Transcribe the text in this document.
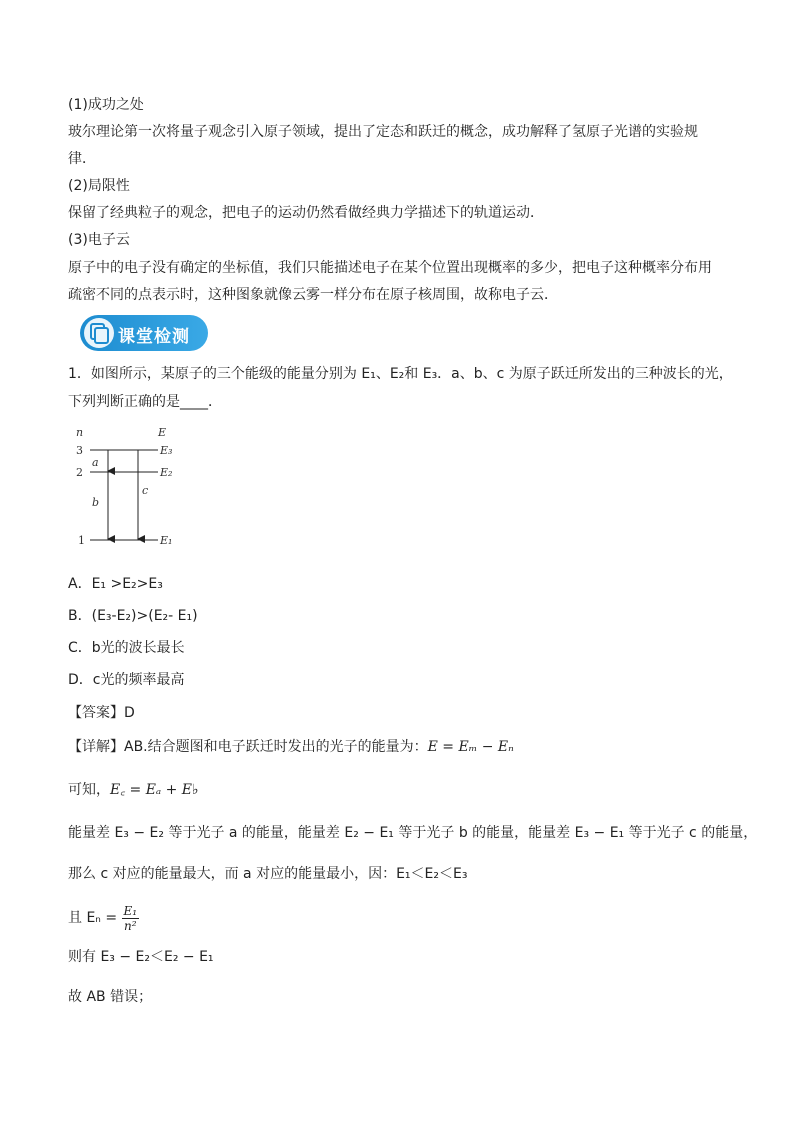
(1)成功之处
玻尔理论第一次将量子观念引入原子领域，提出了定态和跃迁的概念，成功解释了氢原子光谱的实验规
律．
(2)局限性
保留了经典粒子的观念，把电子的运动仍然看做经典力学描述下的轨道运动．
(3)电子云
原子中的电子没有确定的坐标值，我们只能描述电子在某个位置出现概率的多少，把电子这种概率分布用
疏密不同的点表示时，这种图象就像云雾一样分布在原子核周围，故称电子云．
课堂检测
1．如图所示，某原子的三个能级的能量分别为 E₁、E₂和 E₃．a、b、c 为原子跃迁所发出的三种波长的光，
下列判断正确的是____．
n	E
3
2
1
E₃
E₂
E₁
a
b
c
A．E₁ >E₂>E₃
B．(E₃-E₂)>(E₂- E₁)
C．b光的波长最长
D．c光的频率最高
【答案】D
【详解】AB.结合题图和电子跃迁时发出的光子的能量为：E = Eₘ − Eₙ
可知，E꜀ = Eₐ + E♭
能量差 E₃ − E₂ 等于光子 a 的能量，能量差 E₂ − E₁ 等于光子 b 的能量，能量差 E₃ − E₁ 等于光子 c 的能量，
那么 c 对应的能量最大，而 a 对应的能量最小，因：E₁＜E₂＜E₃
且 $E_n = \frac{\text{E₁}}{\text{n²}}$
则有 E₃ − E₂＜E₂ − E₁
故 AB 错误；
